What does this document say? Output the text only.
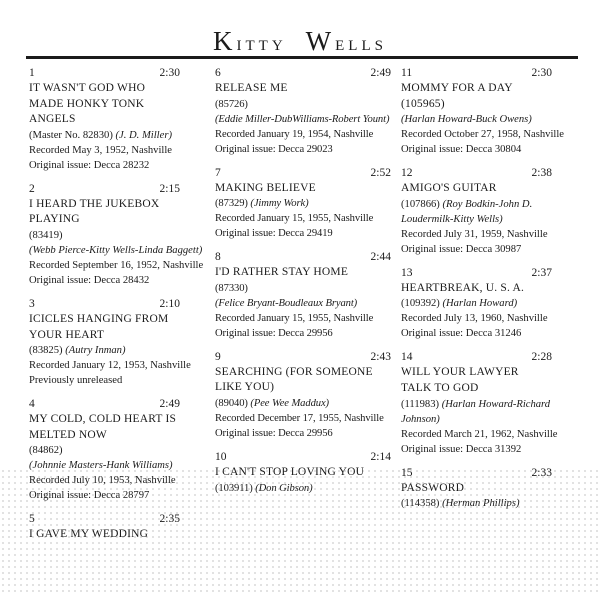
Kitty Wells
1	2:30
IT WASN'T GOD WHO MADE HONKY TONK ANGELS
(Master No. 82830) (J. D. Miller)
Recorded May 3, 1952, Nashville
Original issue: Decca 28232
2	2:15
I HEARD THE JUKEBOX PLAYING
(83419)
(Webb Pierce-Kitty Wells-Linda Baggett)
Recorded September 16, 1952, Nashville
Original issue: Decca 28432
3	2:10
ICICLES HANGING FROM YOUR HEART
(83825) (Autry Inman)
Recorded January 12, 1953, Nashville
Previously unreleased
4	2:49
MY COLD, COLD HEART IS MELTED NOW
(84862)
(Johnnie Masters-Hank Williams)
Recorded July 10, 1953, Nashville
Original issue: Decca 28797
5	2:35
I GAVE MY WEDDING
6	2:49
RELEASE ME
(85726)
(Eddie Miller-DubWilliams-Robert Yount)
Recorded January 19, 1954, Nashville
Original issue: Decca 29023
7	2:52
MAKING BELIEVE
(87329) (Jimmy Work)
Recorded January 15, 1955, Nashville
Original issue: Decca 29419
8	2:44
I'D RATHER STAY HOME
(87330)
(Felice Bryant-Boudleaux Bryant)
Recorded January 15, 1955, Nashville
Original issue: Decca 29956
9	2:43
SEARCHING (FOR SOMEONE LIKE YOU)
(89040) (Pee Wee Maddux)
Recorded December 17, 1955, Nashville
Original issue: Decca 29956
10	2:14
I CAN'T STOP LOVING YOU
(103911) (Don Gibson)
11	2:30
MOMMY FOR A DAY (105965)
(Harlan Howard-Buck Owens)
Recorded October 27, 1958, Nashville
Original issue: Decca 30804
12	2:38
AMIGO'S GUITAR
(107866) (Roy Bodkin-John D.
Loudermilk-Kitty Wells)
Recorded July 31, 1959, Nashville
Original issue: Decca 30987
13	2:37
HEARTBREAK, U. S. A.
(109392) (Harlan Howard)
Recorded July 13, 1960, Nashville
Original issue: Decca 31246
14	2:28
WILL YOUR LAWYER TALK TO GOD
(111983) (Harlan Howard-Richard
Johnson)
Recorded March 21, 1962, Nashville
Original issue: Decca 31392
15	2:33
PASSWORD
(114358) (Herman Phillips)
